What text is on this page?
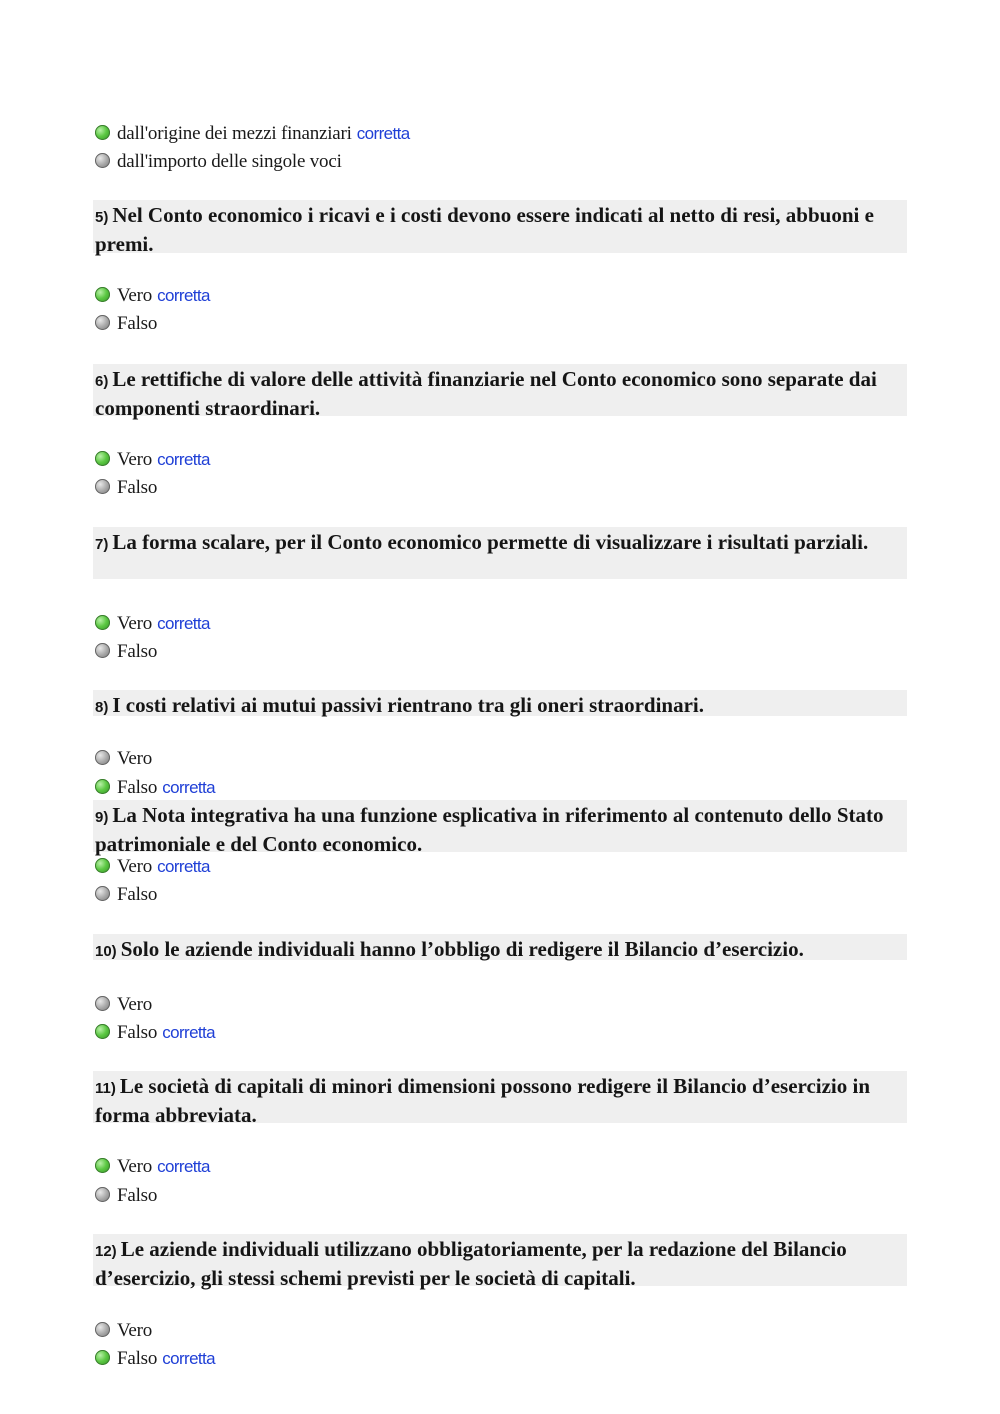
dall'origine dei mezzi finanziari corretta
dall'importo delle singole voci
5) Nel Conto economico i ricavi e i costi devono essere indicati al netto di resi, abbuoni e premi.
Vero corretta
Falso
6) Le rettifiche di valore delle attività finanziarie nel Conto economico sono separate dai componenti straordinari.
Vero corretta
Falso
7) La forma scalare, per il Conto economico permette di visualizzare i risultati parziali.
Vero corretta
Falso
8) I costi relativi ai mutui passivi rientrano tra gli oneri straordinari.
Vero
Falso corretta
9) La Nota integrativa ha una funzione esplicativa in riferimento al contenuto dello Stato patrimoniale e del Conto economico.
Vero corretta
Falso
10) Solo le aziende individuali hanno l’obbligo di redigere il Bilancio d’esercizio.
Vero
Falso corretta
11) Le società di capitali di minori dimensioni possono redigere il Bilancio d’esercizio in forma abbreviata.
Vero corretta
Falso
12) Le aziende individuali utilizzano obbligatoriamente, per la redazione del Bilancio d’esercizio, gli stessi schemi previsti per le società di capitali.
Vero
Falso corretta
